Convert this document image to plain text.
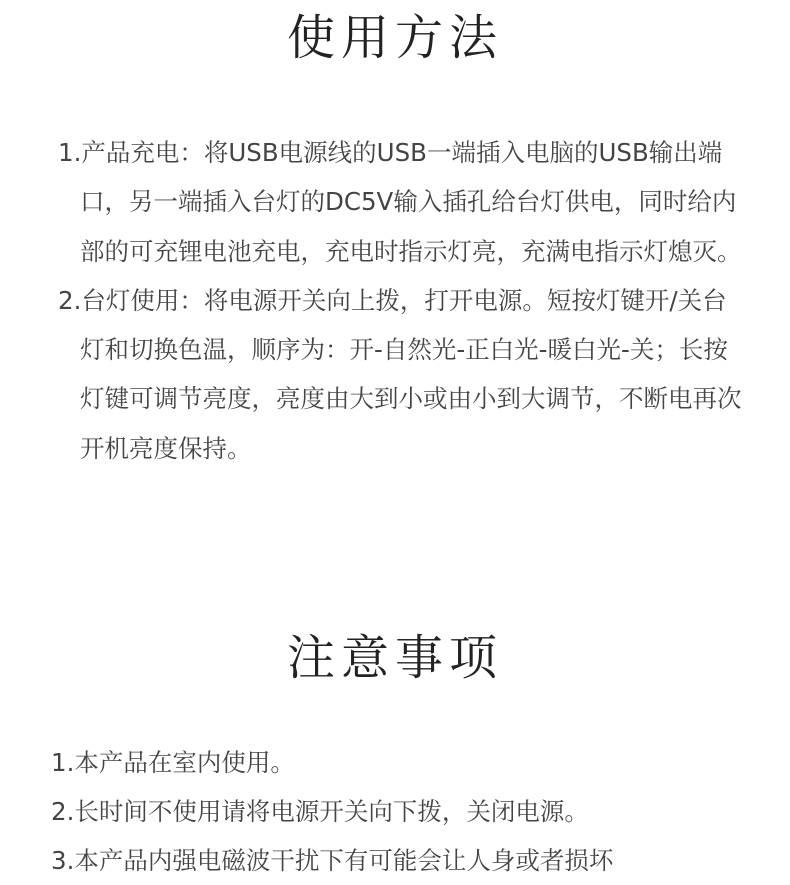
使用方法
1.产品充电：将USB电源线的USB一端插入电脑的USB输出端口，另一端插入台灯的DC5V输入插孔给台灯供电，同时给内部的可充锂电池充电，充电时指示灯亮，充满电指示灯熄灭。
2.台灯使用：将电源开关向上拨，打开电源。短按灯键开/关台灯和切换色温，顺序为：开-自然光-正白光-暖白光-关；长按灯键可调节亮度，亮度由大到小或由小到大调节，不断电再次开机亮度保持。
注意事项
1.本产品在室内使用。
2.长时间不使用请将电源开关向下拨，关闭电源。
3.本产品内强电磁波干扰下有可能会让人身或者损坏
